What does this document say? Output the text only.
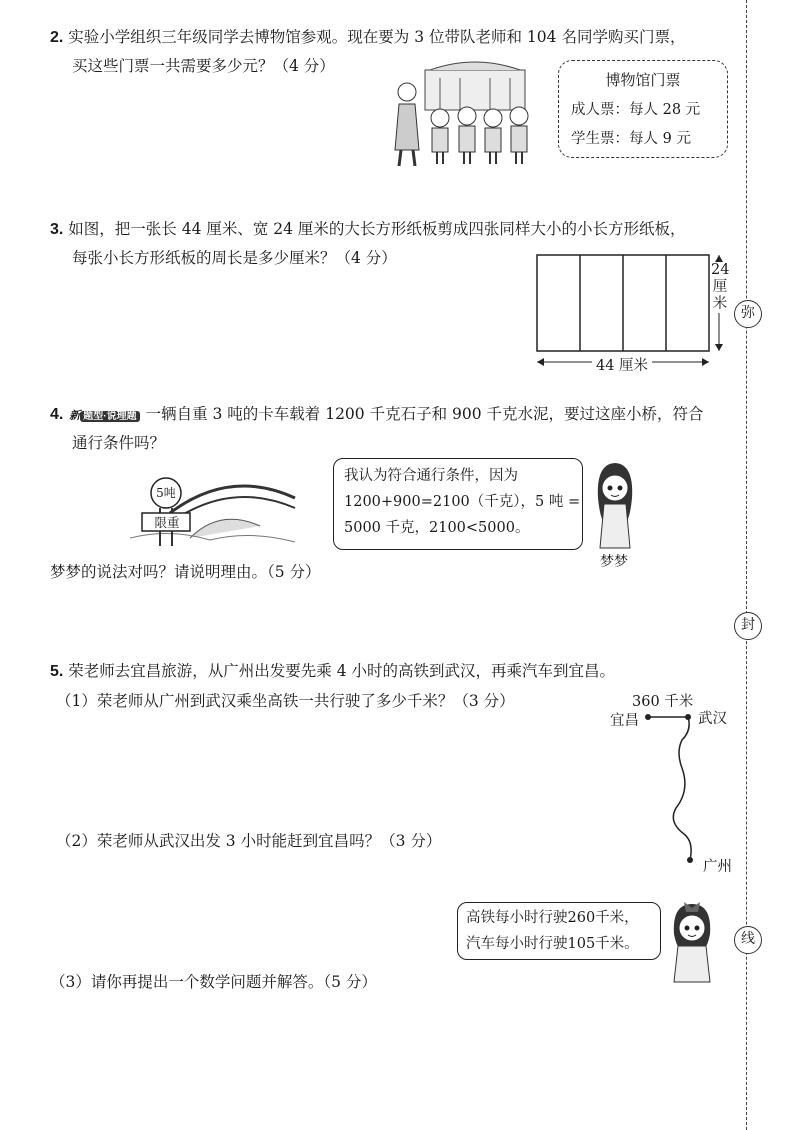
弥
封
线
2. 实验小学组织三年级同学去博物馆参观。现在要为 3 位带队老师和 104 名同学购买门票，
买这些门票一共需要多少元？（4 分）
博物馆门票
成人票：每人 28 元
学生票：每人 9 元
3. 如图，把一张长 44 厘米、宽 24 厘米的大长方形纸板剪成四张同样大小的小长方形纸板，
每张小长方形纸板的周长是多少厘米？（4 分）
44 厘米
24 厘米
4. 新 题型·说理题 一辆自重 3 吨的卡车载着 1200 千克石子和 900 千克水泥，要过这座小桥，符合
通行条件吗？
5吨
限重
我认为符合通行条件，因为
1200+900=2100（千克），5 吨 =
5000 千克，2100<5000。
梦梦
梦梦的说法对吗？请说明理由。（5 分）
5. 荣老师去宜昌旅游，从广州出发要先乘 4 小时的高铁到武汉，再乘汽车到宜昌。
（1）荣老师从广州到武汉乘坐高铁一共行驶了多少千米？（3 分）
（2）荣老师从武汉出发 3 小时能赶到宜昌吗？（3 分）
（3）请你再提出一个数学问题并解答。（5 分）
360 千米
宜昌	武汉
广州
高铁每小时行驶260千米，
汽车每小时行驶105千米。
